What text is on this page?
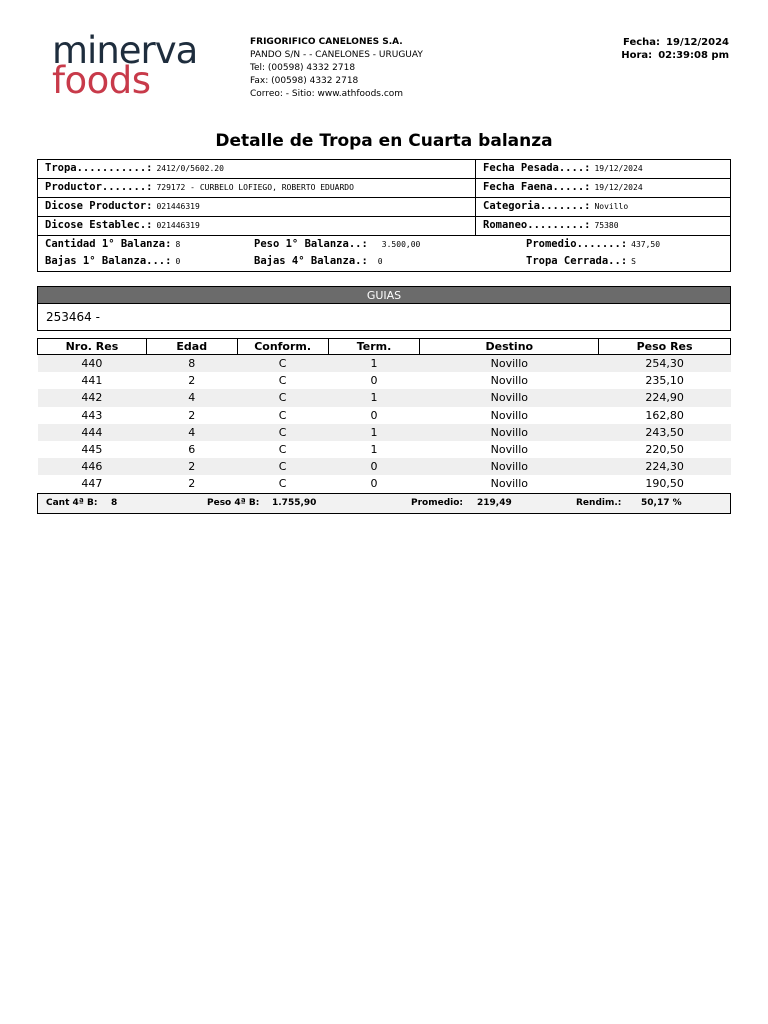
minerva
foods
FRIGORIFICO CANELONES S.A.
PANDO S/N - - CANELONES - URUGUAY
Tel: (00598) 4332 2718
Fax: (00598) 4332 2718
Correo: - Sitio: www.athfoods.com
Fecha: 19/12/2024
Hora: 02:39:08 pm
Detalle de Tropa en Cuarta balanza
Tropa...........: 2412/0/5602.20	Fecha Pesada....: 19/12/2024
Productor.......: 729172 - CURBELO LOFIEGO, ROBERTO EDUARDO	Fecha Faena.....: 19/12/2024
Dicose Productor: 021446319	Categoria.......: Novillo
Dicose Establec.: 021446319	Romaneo.........: 75380
Cantidad 1° Balanza: 8	Peso 1° Balanza..: 3.500,00	Promedio.......: 437,50
Bajas 1° Balanza...: 0	Bajas 4° Balanza.: 0	Tropa Cerrada..: S
GUIAS
253464 -
Nro. Res	Edad	Conform.	Term.	Destino	Peso Res
440	8	C	1	Novillo	254,30
441	2	C	0	Novillo	235,10
442	4	C	1	Novillo	224,90
443	2	C	0	Novillo	162,80
444	4	C	1	Novillo	243,50
445	6	C	1	Novillo	220,50
446	2	C	0	Novillo	224,30
447	2	C	0	Novillo	190,50
Cant 4ª B: 8	Peso 4ª B: 1.755,90	Promedio: 219,49	Rendim.: 50,17 %
